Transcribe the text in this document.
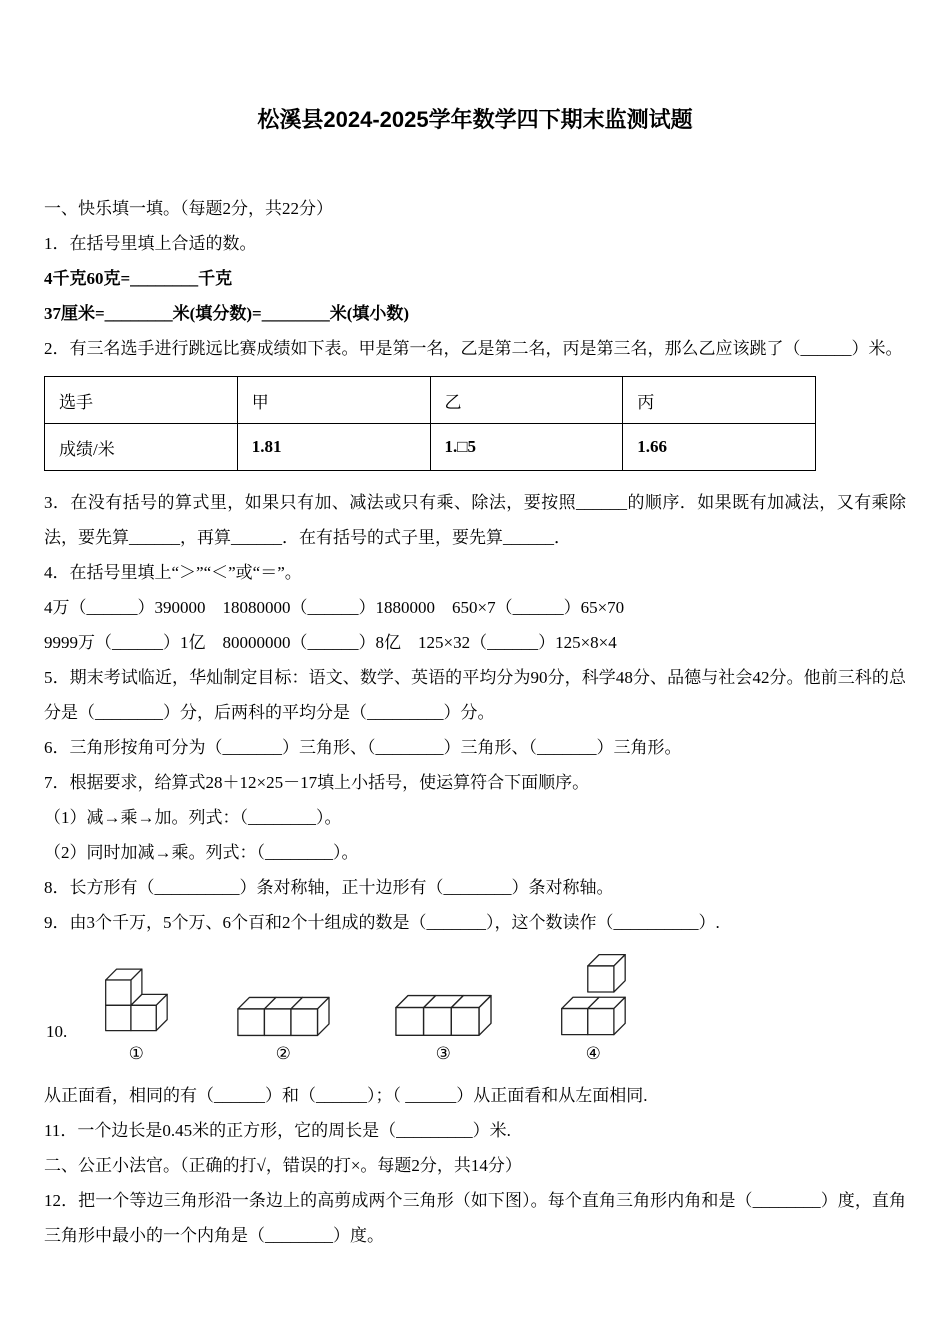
松溪县2024-2025学年数学四下期末监测试题

一、快乐填一填。（每题2分，共22分）

1．在括号里填上合适的数。

4千克60克=________千克

37厘米=________米(填分数)=________米(填小数)

2．有三名选手进行跳远比赛成绩如下表。甲是第一名，乙是第二名，丙是第三名，那么乙应该跳了（______）米。

选手	甲	乙	丙
成绩/米	1.81	1.□5	1.66

3．在没有括号的算式里，如果只有加、减法或只有乘、除法，要按照______的顺序．如果既有加减法，又有乘除法，要先算______，再算______．在有括号的式子里，要先算______．

4．在括号里填上“＞”“＜”或“＝”。

4万（______）390000　18080000（______）1880000　650×7（______）65×70

9999万（______）1亿　80000000（______）8亿　125×32（______）125×8×4

5．期末考试临近，华灿制定目标：语文、数学、英语的平均分为90分，科学48分、品德与社会42分。他前三科的总分是（________）分，后两科的平均分是（_________）分。

6．三角形按角可分为（_______）三角形、（________）三角形、（_______）三角形。

7．根据要求，给算式28＋12×25－17填上小括号，使运算符合下面顺序。

（1）减→乘→加。列式：（________）。

（2）同时加减→乘。列式：（________）。

8．长方形有（__________）条对称轴，正十边形有（________）条对称轴。

9．由3个千万，5个万、6个百和2个十组成的数是（_______），这个数读作（__________）.

10.
①	②	③	④

从正面看，相同的有（______）和（______）；（ ______）从正面看和从左面相同.

11．一个边长是0.45米的正方形，它的周长是（_________）米.

二、公正小法官。（正确的打√，错误的打×。每题2分，共14分）

12．把一个等边三角形沿一条边上的高剪成两个三角形（如下图）。每个直角三角形内角和是（________）度，直角三角形中最小的一个内角是（________）度。
